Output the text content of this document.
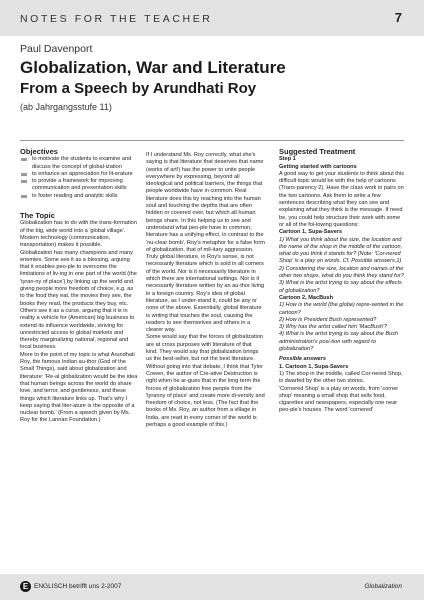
NOTES FOR THE TEACHER	7
Paul Davenport
Globalization, War and Literature
From a Speech by Arundhati Roy
(ab Jahrgangsstufe 11)
Objectives
to motivate the students to examine and discuss the concept of global-ization
to enhance an appreciation for lit-erature
to provide a framework for improving communication and presentation skills
to foster reading and analytic skills
The Topic

Globalization has to do with the trans-formation of the big, wide world into a 'global village'. Modern technology (communication, transportation) makes it possible.

Globalization has many champions and many enemies. Some see it as a blessing, arguing that it enables peo-ple to overcome the limitations of liv-ing in one part of the world (the 'tyran-ny of place') by linking up the world and giving people more freedom of choice, e.g. as to the food they eat, the movies they see, the books they read, the products they buy, etc.

Others see it as a curse, arguing that it is in reality a vehicle for (American) big business to extend its influence worldwide, striving for unrestricted access to global markets and thereby marginalizing national, regional and local business.

More to the point of my topic is what Arundhati Roy, the famous Indian au-thor (God of the Small Things), said about globalization and literature: 'Re-al globalization would be the idea that human beings across the world do share love, and terror, and gentleness, and these things which literature links up. That's why I keep saying that liter-ature is the opposite of a nuclear bomb.' (From a speech given by Ms. Roy for the Lannan Foundation.)

If I understand Ms. Roy correctly, what she's saying is that literature that deserves that name (works of art!) has the power to unite people everywhere by expressing, beyond all ideological and political barriers, the things that people worldwide have in common. Real literature does this by reaching into the human soul and touching the depths that are often hidden or covered over, but which all human beings share. In this helping us to see and understand what peo-ple have in common, literature has a unifying effect, in contrast to the 'nu-clear bomb', Roy's metaphor for a false form of globalization, that of mil-itary aggression.

Truly global literature, in Roy's sense, is not necessarily literature which is sold in all corners of the world. Nor is it necessarily literature in which there are international settings. Nor is it necessarily literature written by an au-thor living in a foreign country. Roy's idea of global literature, as I under-stand it, could be any or none of the above. Essentially, global literature is writing that touches the soul, causing the readers to see themselves and others in a clearer way.

Some would say that the forces of globalization are at cross purposes with literature of that kind. They would say that globalization brings us the best-seller, but not the best literature.

Without going into that debate, I think that Tyler Cowen, the author of Cre-ative Destruction is right when he ar-gues that in the long term the forces of globalization free people from the 'tyranny of place' and create more di-versity and freedom of choice, not less. (The fact that the books of Ms. Roy, an author from a village in India, are read in every corner of the world is perhaps a good example of this.)

Suggested Treatment

Step 1

Getting started with cartoons

A good way to get your students to think about this difficult topic would be with the help of cartoons (Trans-parency 2). Have the class work in pairs on the two cartoons. Ask them to write a few sentences describing what they can see and explaining what they think is the message. If need be, you could help structure their work with some or all of the fol-lowing questions:

Cartoon 1, Supa-Savers

1) What you think about the size, the location and the name of the shop in the middle of the cartoon, what do you think it stands for? (Note: 'Cor-nered Shop' is a play on words. Cf. Possible answers,1)

2) Considering the size, location and names of the other two shops, what do you think they stand for?

3) What is the artist trying to say about the effects of globalization?

Cartoon 2, MacBush

1) How is the world (the globe) repre-sented in the cartoon?

2) How is President Bush represented?

3) Why has the artist called him 'MacBush'?

4) What is the artist trying to say about the Bush administration's posi-tion with regard to globalization?

Possible answers

1. Cartoon 1, Supa-Savers

1) The shop in the middle, called Cor-nered Shop, is dwarfed by the other two stores.

'Cornered Shop' is a play on words, from 'corner shop' meaning a small shop that sells food, cigarettes and newspapers, especially one near peo-ple's houses. The word 'cornered'

E ENGLISCH betrifft uns 2-2007	Globalization
